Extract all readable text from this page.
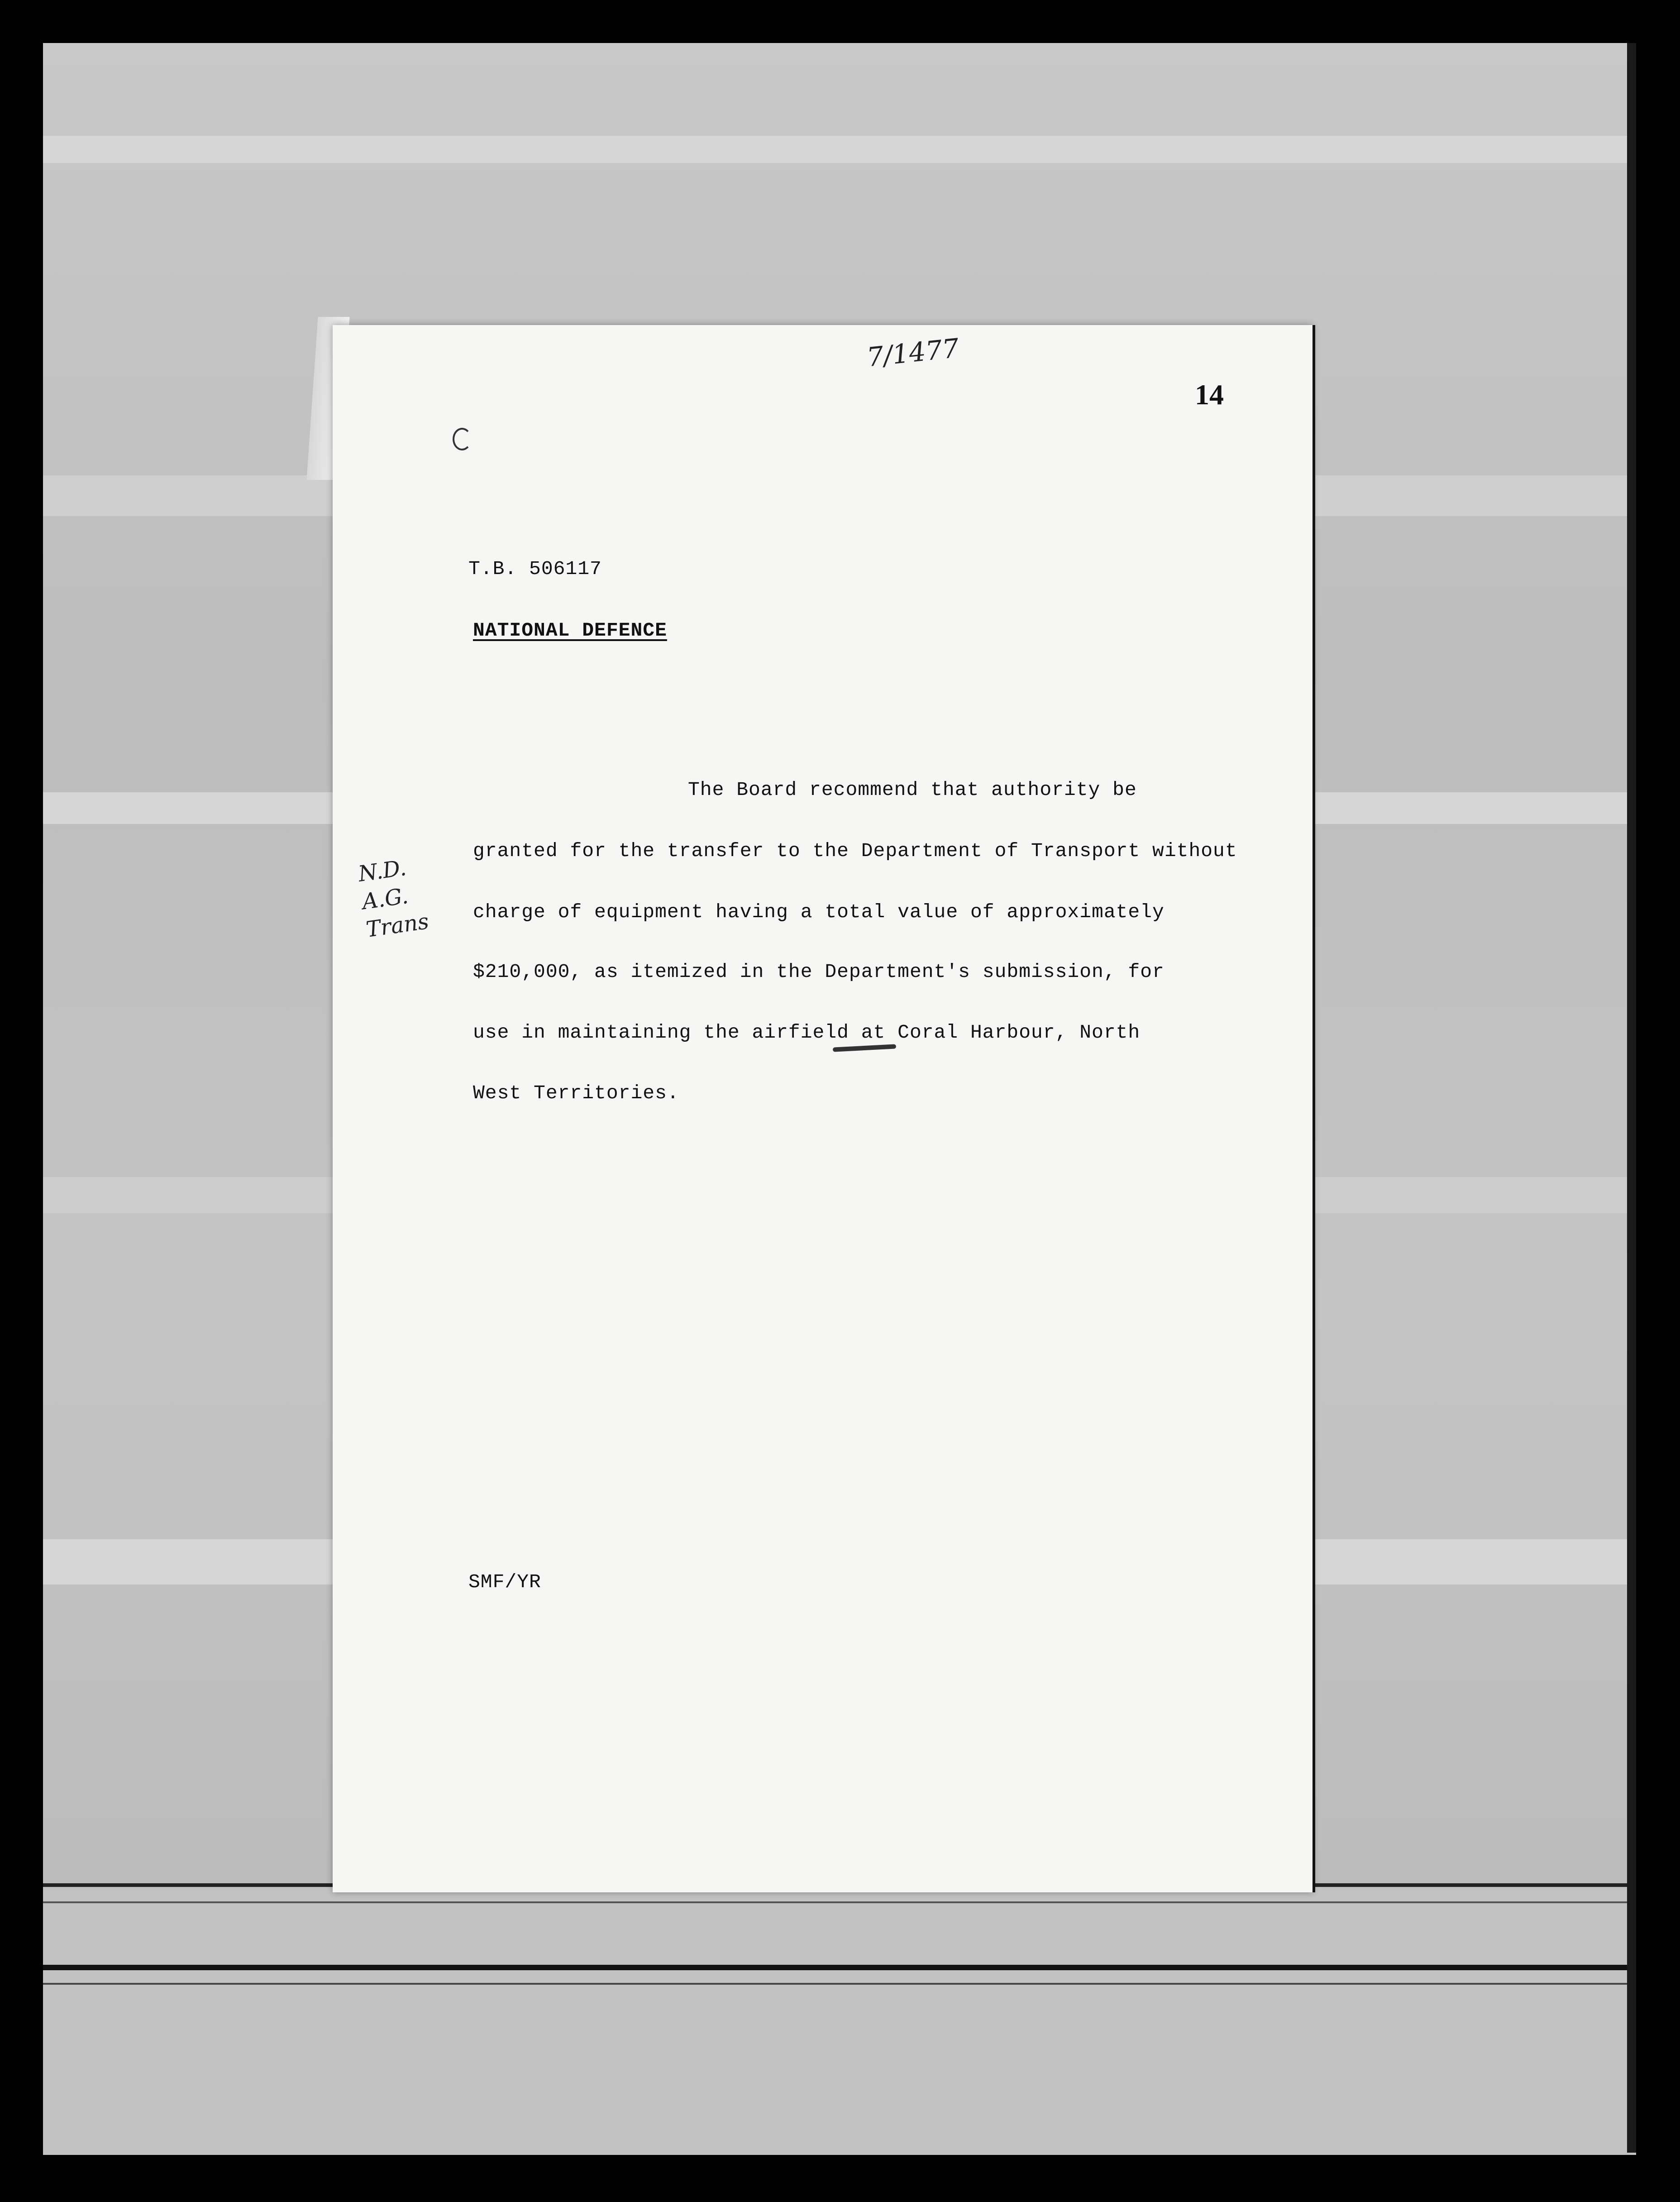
7/1477
14
T.B. 506117
NATIONAL DEFENCE
The Board recommend that authority be
granted for the transfer to the Department of Transport without
charge of equipment having a total value of approximately
$210,000, as itemized in the Department's submission, for
use in maintaining the airfield at Coral Harbour, North
West Territories.
N.D.
A.G.
Trans
SMF/YR
